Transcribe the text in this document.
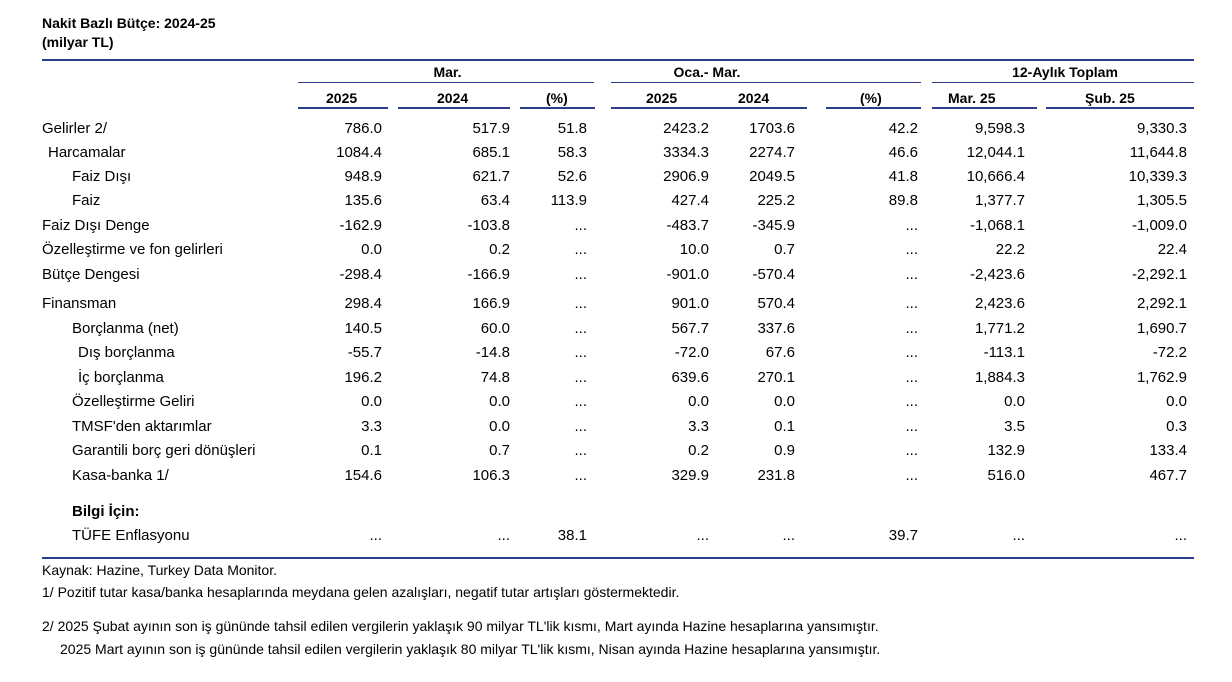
Nakit Bazlı Bütçe: 2024-25
(milyar TL)
Mar.	Oca.- Mar.	12-Aylık Toplam
2025	2024	(%)	2025	2024	(%)	Mar. 25	Şub. 25
Gelirler 2/	786.0	517.9	51.8	2423.2	1703.6	42.2	9,598.3	9,330.3
Harcamalar	1084.4	685.1	58.3	3334.3	2274.7	46.6	12,044.1	11,644.8
Faiz Dışı	948.9	621.7	52.6	2906.9	2049.5	41.8	10,666.4	10,339.3
Faiz	135.6	63.4	113.9	427.4	225.2	89.8	1,377.7	1,305.5
Faiz Dışı Denge	-162.9	-103.8	...	-483.7	-345.9	...	-1,068.1	-1,009.0
Özelleştirme ve fon gelirleri	0.0	0.2	...	10.0	0.7	...	22.2	22.4
Bütçe Dengesi	-298.4	-166.9	...	-901.0	-570.4	...	-2,423.6	-2,292.1
Finansman	298.4	166.9	...	901.0	570.4	...	2,423.6	2,292.1
Borçlanma (net)	140.5	60.0	...	567.7	337.6	...	1,771.2	1,690.7
Dış borçlanma	-55.7	-14.8	...	-72.0	67.6	...	-113.1	-72.2
İç borçlanma	196.2	74.8	...	639.6	270.1	...	1,884.3	1,762.9
Özelleştirme Geliri	0.0	0.0	...	0.0	0.0	...	0.0	0.0
TMSF'den aktarımlar	3.3	0.0	...	3.3	0.1	...	3.5	0.3
Garantili borç geri dönüşleri	0.1	0.7	...	0.2	0.9	...	132.9	133.4
Kasa-banka 1/	154.6	106.3	...	329.9	231.8	...	516.0	467.7
Bilgi İçin:
TÜFE Enflasyonu	...	...	38.1	...	...	39.7	...	...
Kaynak: Hazine, Turkey Data Monitor.
1/ Pozitif tutar kasa/banka hesaplarında meydana gelen azalışları, negatif tutar artışları göstermektedir.
2/ 2025 Şubat ayının son iş gününde tahsil edilen vergilerin yaklaşık 90 milyar TL'lik kısmı, Mart ayında Hazine hesaplarına yansımıştır.
2025 Mart ayının son iş gününde tahsil edilen vergilerin yaklaşık 80 milyar TL'lik kısmı, Nisan ayında Hazine hesaplarına yansımıştır.
